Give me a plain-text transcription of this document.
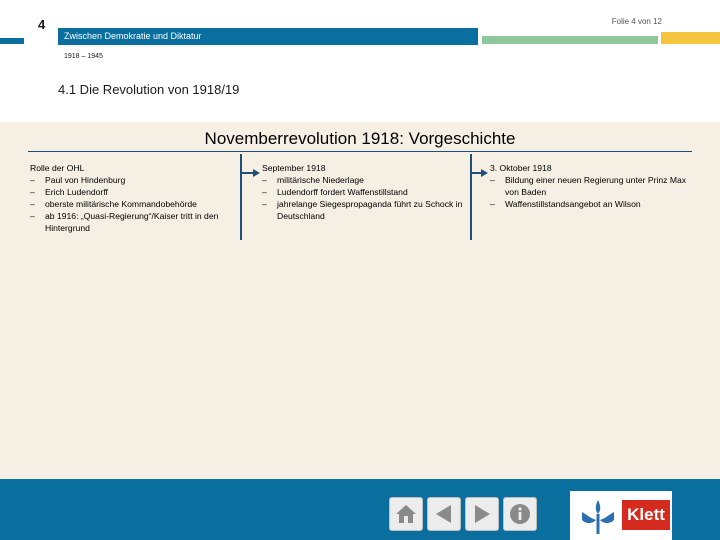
4	Folie 4 von 12
Zwischen Demokratie und Diktatur
1918 – 1945
4.1 Die Revolution von 1918/19
Novemberrevolution 1918: Vorgeschichte
Rolle der OHL
– Paul von Hindenburg
– Erich Ludendorff
– oberste militärische Kommandobehörde
– ab 1916: „Quasi-Regierung“/Kaiser tritt in den Hintergrund
September 1918
– militärische Niederlage
– Ludendorff fordert Waffenstillstand
– jahrelange Siegespropaganda führt zu Schock in Deutschland
3. Oktober 1918
– Bildung einer neuen Regierung unter Prinz Max von Baden
– Waffenstillstandsangebot an Wilson
Klett
